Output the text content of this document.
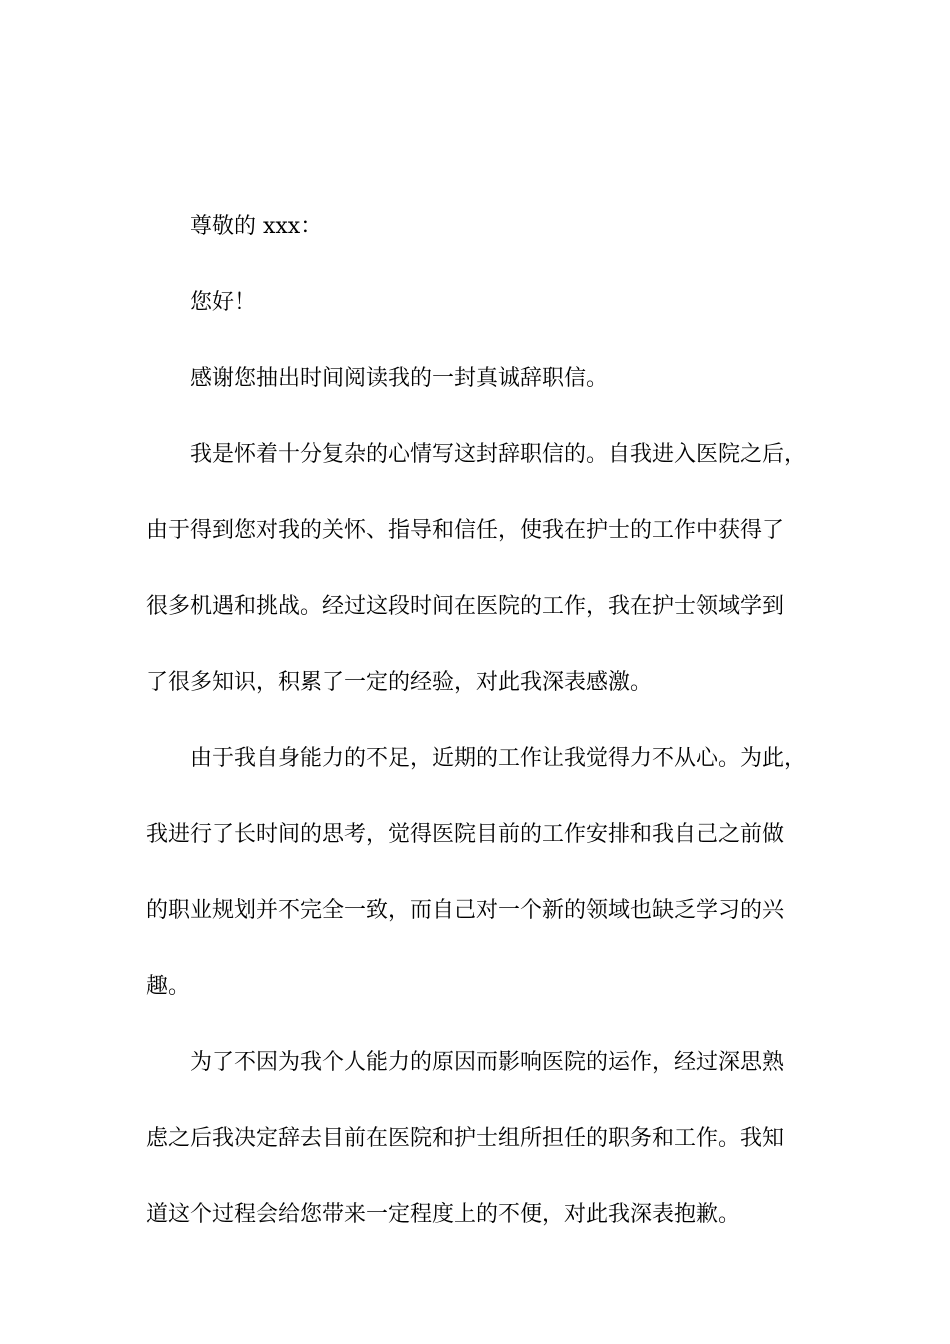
尊敬的 xxx：
您好！
感谢您抽出时间阅读我的一封真诚辞职信。
我是怀着十分复杂的心情写这封辞职信的。自我进入医院之后，
由于得到您对我的关怀、指导和信任，使我在护士的工作中获得了
很多机遇和挑战。经过这段时间在医院的工作，我在护士领域学到
了很多知识，积累了一定的经验，对此我深表感激。
由于我自身能力的不足，近期的工作让我觉得力不从心。为此，
我进行了长时间的思考，觉得医院目前的工作安排和我自己之前做
的职业规划并不完全一致，而自己对一个新的领域也缺乏学习的兴
趣。
为了不因为我个人能力的原因而影响医院的运作，经过深思熟
虑之后我决定辞去目前在医院和护士组所担任的职务和工作。我知
道这个过程会给您带来一定程度上的不便，对此我深表抱歉。
